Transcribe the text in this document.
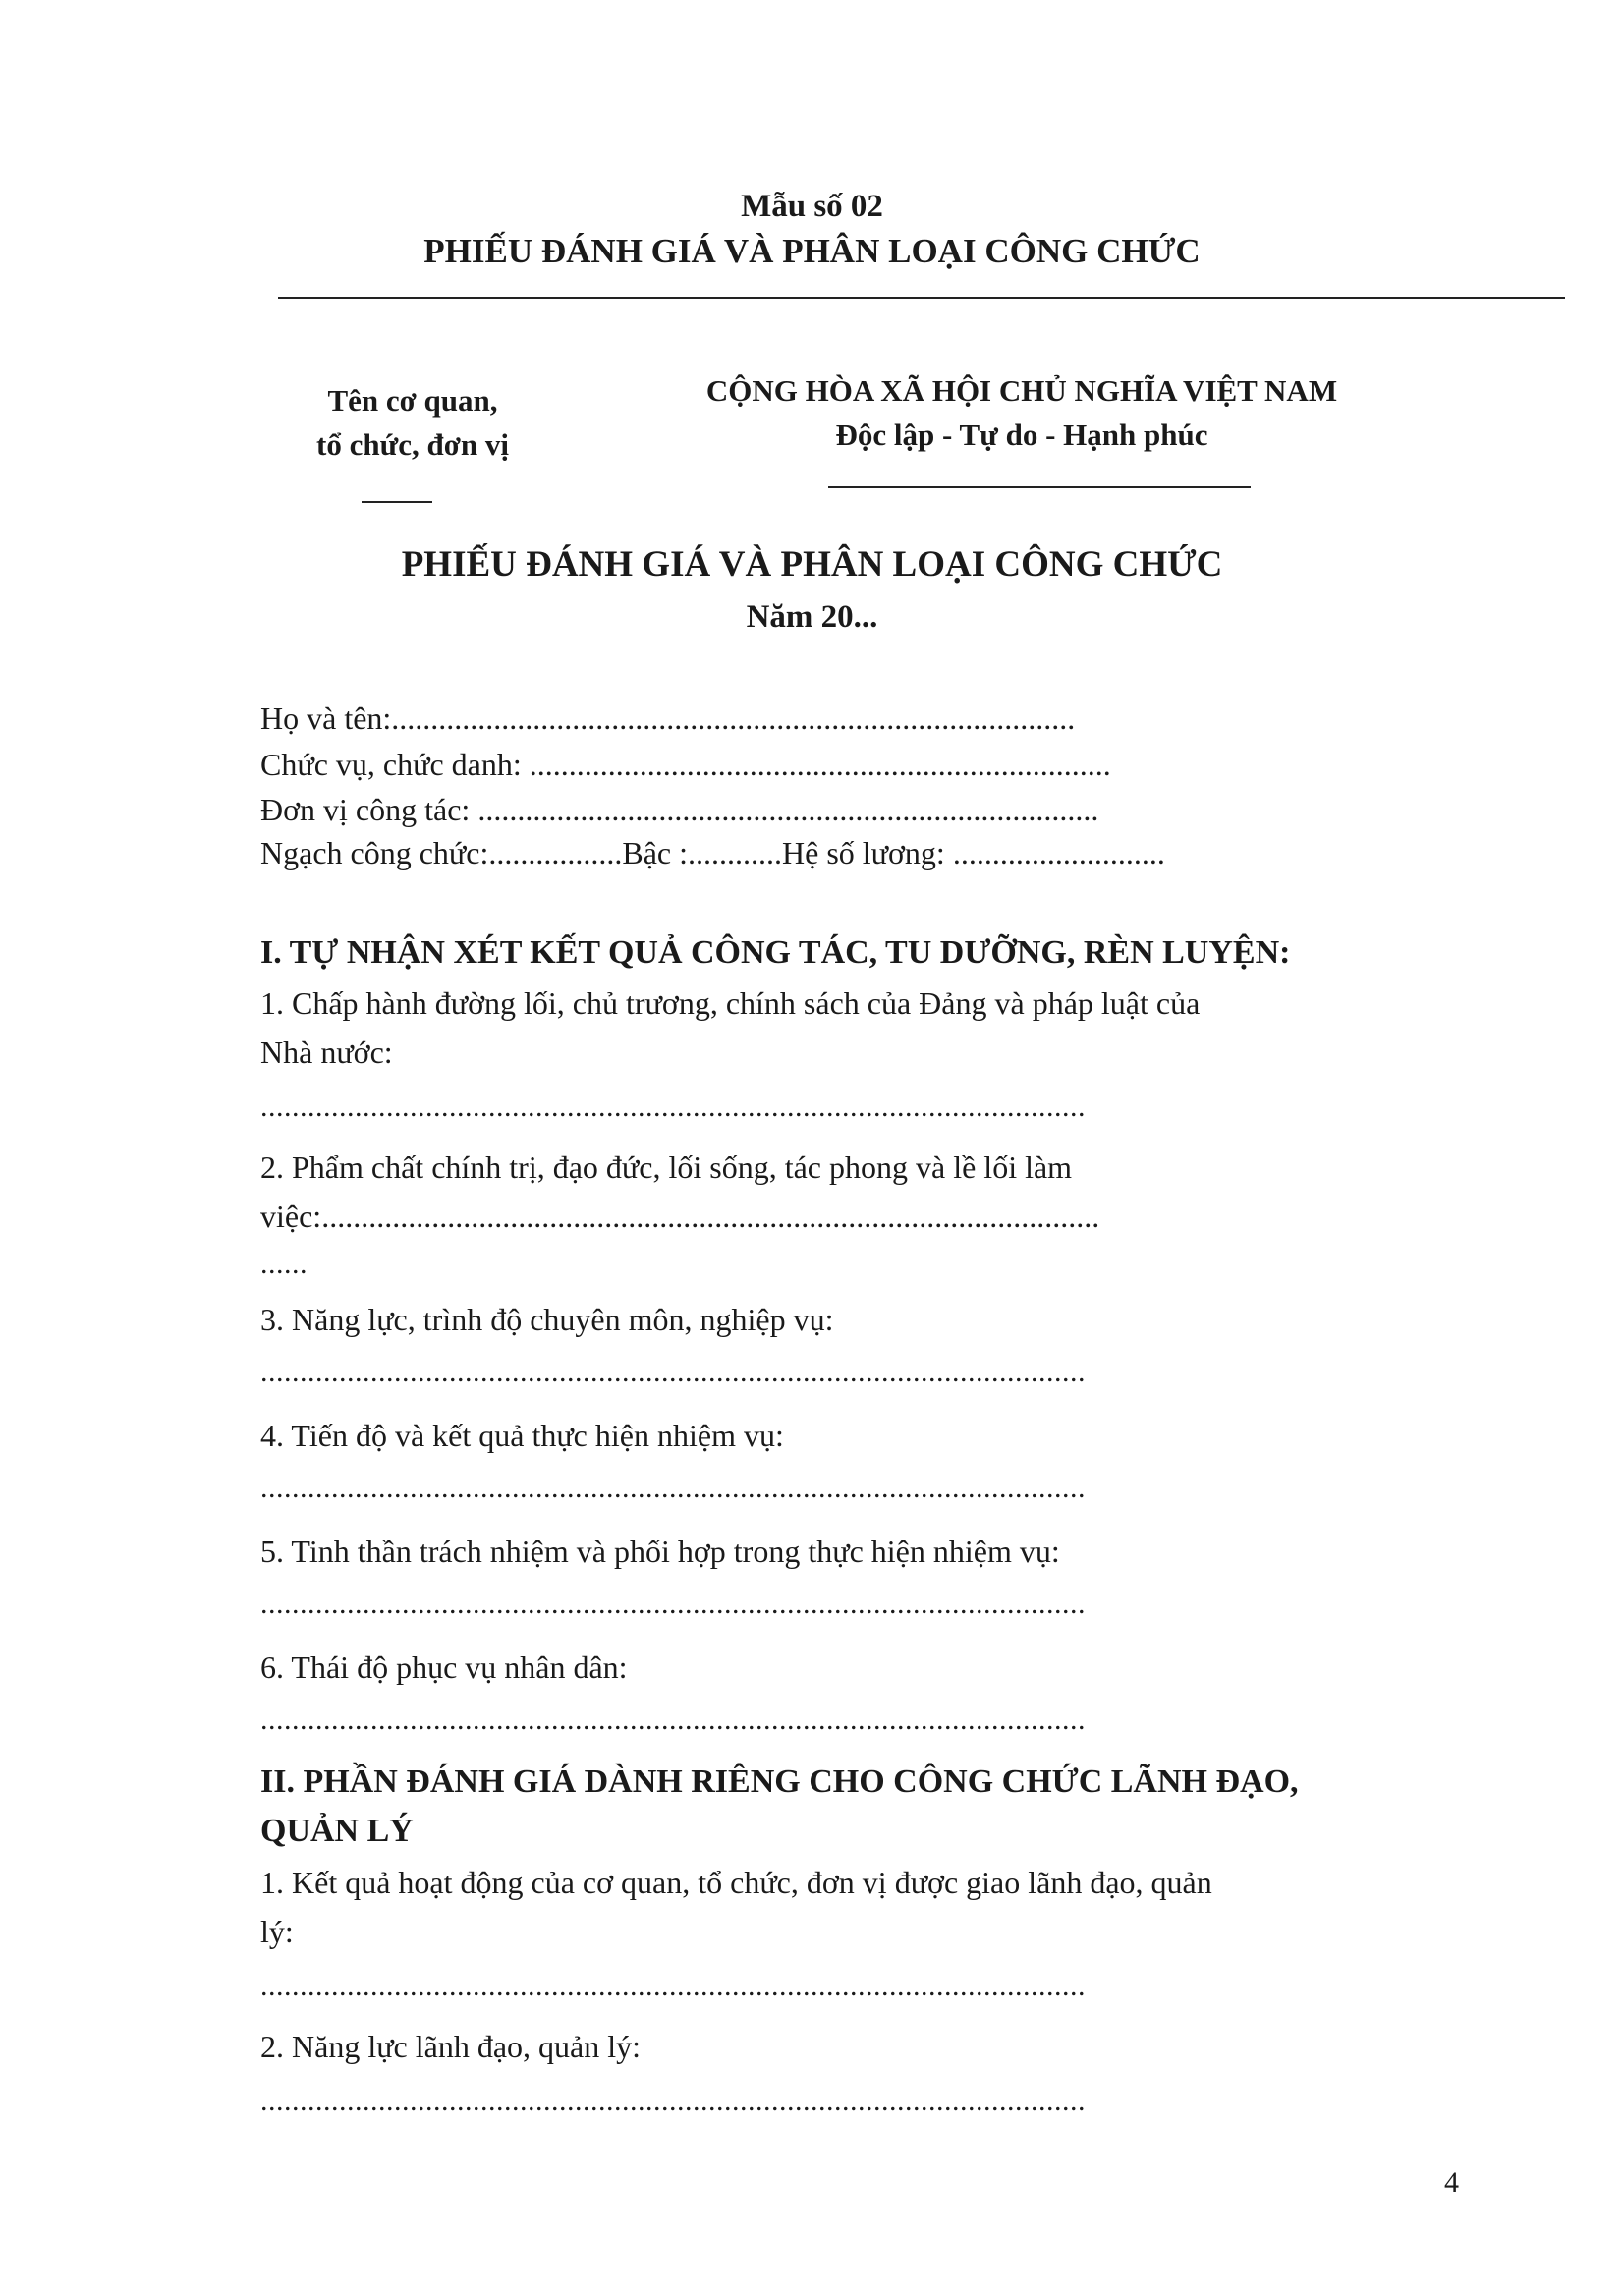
Mẫu số 02
PHIẾU ĐÁNH GIÁ VÀ PHÂN LOẠI CÔNG CHỨC
Tên cơ quan,
tổ chức, đơn vị
CỘNG HÒA XÃ HỘI CHỦ NGHĨA VIỆT NAM
Độc lập - Tự do - Hạnh phúc
PHIẾU ĐÁNH GIÁ VÀ PHÂN LOẠI CÔNG CHỨC
Năm 20...
Họ và tên:.......................................................................................
Chức vụ, chức danh: ..........................................................................
Đơn vị công tác: ...............................................................................
Ngạch công chức:.................Bậc :............Hệ số lương: ...........................
I. TỰ NHẬN XÉT KẾT QUẢ CÔNG TÁC, TU DƯỠNG, RÈN LUYỆN:
1. Chấp hành đường lối, chủ trương, chính sách của Đảng và pháp luật của
Nhà nước:
.........................................................................................................
2. Phẩm chất chính trị, đạo đức, lối sống, tác phong và lề lối làm
việc:...................................................................................................
......
3. Năng lực, trình độ chuyên môn, nghiệp vụ:
.........................................................................................................
4. Tiến độ và kết quả thực hiện nhiệm vụ:
.........................................................................................................
5. Tinh thần trách nhiệm và phối hợp trong thực hiện nhiệm vụ:
.........................................................................................................
6. Thái độ phục vụ nhân dân:
.........................................................................................................
II. PHẦN ĐÁNH GIÁ DÀNH RIÊNG CHO CÔNG CHỨC LÃNH ĐẠO,
QUẢN LÝ
1. Kết quả hoạt động của cơ quan, tổ chức, đơn vị được giao lãnh đạo, quản
lý:
.........................................................................................................
2. Năng lực lãnh đạo, quản lý:
.........................................................................................................
4
